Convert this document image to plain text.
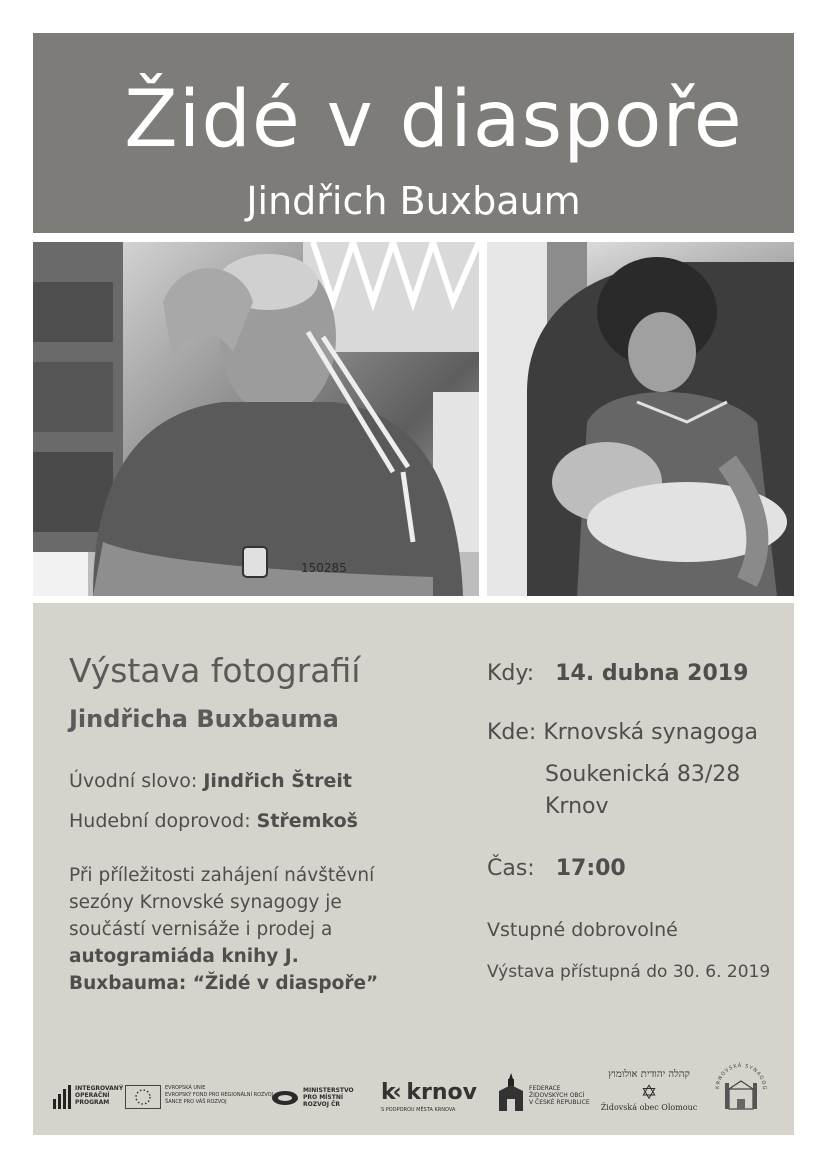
Židé v diaspoře
Jindřich Buxbaum
150285
Výstava fotografií
Jindřicha Buxbauma
Úvodní slovo: Jindřich Štreit
Hudební doprovod: Střemkoš
Při příležitosti zahájení návštěvní sezóny Krnovské synagogy je součástí vernisáže i prodej a autogramiáda knihy J. Buxbauma: “Židé v diaspoře”
Kdy: 14. dubna 2019
Kde: Krnovská synagoga
Soukenická 83/28
Krnov
Čas: 17:00
Vstupné dobrovolné
Výstava přístupná do 30. 6. 2019
INTEGROVANÝ
OPERAČNÍ
PROGRAM
EVROPSKÁ UNIE
EVROPSKÝ FOND PRO REGIONÁLNÍ ROZVOJ
ŠANCE PRO VÁŠ ROZVOJ
MINISTERSTVO
PRO MÍSTNÍ
ROZVOJ ČR	k‹ krnov
S PODPOROU MĚSTA KRNOVA
FEDERACE
ŽIDOVSKÝCH OBCÍ
V ČESKÉ REPUBLICE
קהלה יהודית אולומוץ
✡
Židovská obec Olomouc
KRNOVSKÁ SYNAGOG
